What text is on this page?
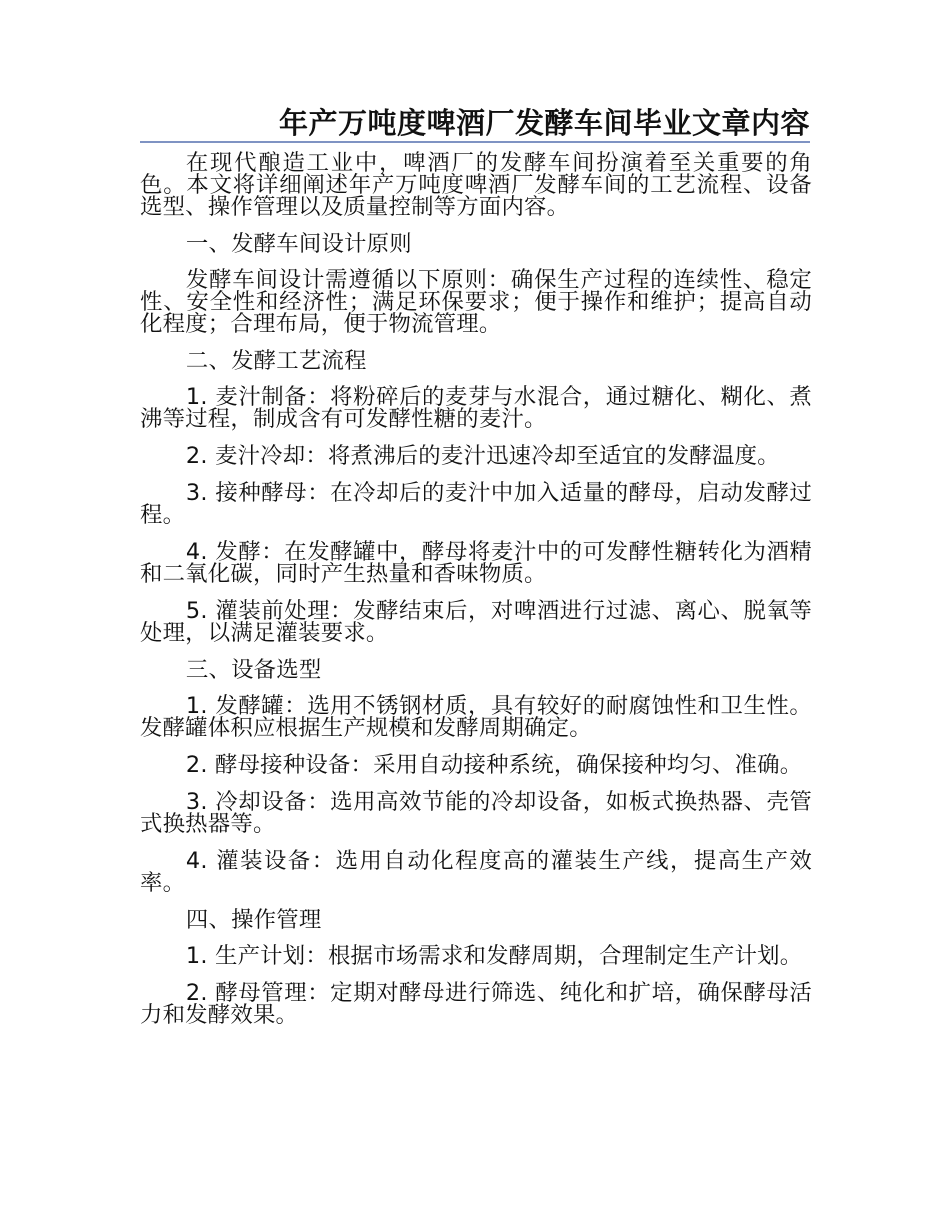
年产万吨度啤酒厂发酵车间毕业文章内容

在现代酿造工业中，啤酒厂的发酵车间扮演着至关重要的角色。本文将详细阐述年产万吨度啤酒厂发酵车间的工艺流程、设备选型、操作管理以及质量控制等方面内容。

一、发酵车间设计原则

发酵车间设计需遵循以下原则：确保生产过程的连续性、稳定性、安全性和经济性；满足环保要求；便于操作和维护；提高自动化程度；合理布局，便于物流管理。

二、发酵工艺流程

1. 麦汁制备：将粉碎后的麦芽与水混合，通过糖化、糊化、煮沸等过程，制成含有可发酵性糖的麦汁。

2. 麦汁冷却：将煮沸后的麦汁迅速冷却至适宜的发酵温度。

3. 接种酵母：在冷却后的麦汁中加入适量的酵母，启动发酵过程。

4. 发酵：在发酵罐中，酵母将麦汁中的可发酵性糖转化为酒精和二氧化碳，同时产生热量和香味物质。

5. 灌装前处理：发酵结束后，对啤酒进行过滤、离心、脱氧等处理，以满足灌装要求。

三、设备选型

1. 发酵罐：选用不锈钢材质，具有较好的耐腐蚀性和卫生性。发酵罐体积应根据生产规模和发酵周期确定。

2. 酵母接种设备：采用自动接种系统，确保接种均匀、准确。

3. 冷却设备：选用高效节能的冷却设备，如板式换热器、壳管式换热器等。

4. 灌装设备：选用自动化程度高的灌装生产线，提高生产效率。

四、操作管理

1. 生产计划：根据市场需求和发酵周期，合理制定生产计划。

2. 酵母管理：定期对酵母进行筛选、纯化和扩培，确保酵母活力和发酵效果。
